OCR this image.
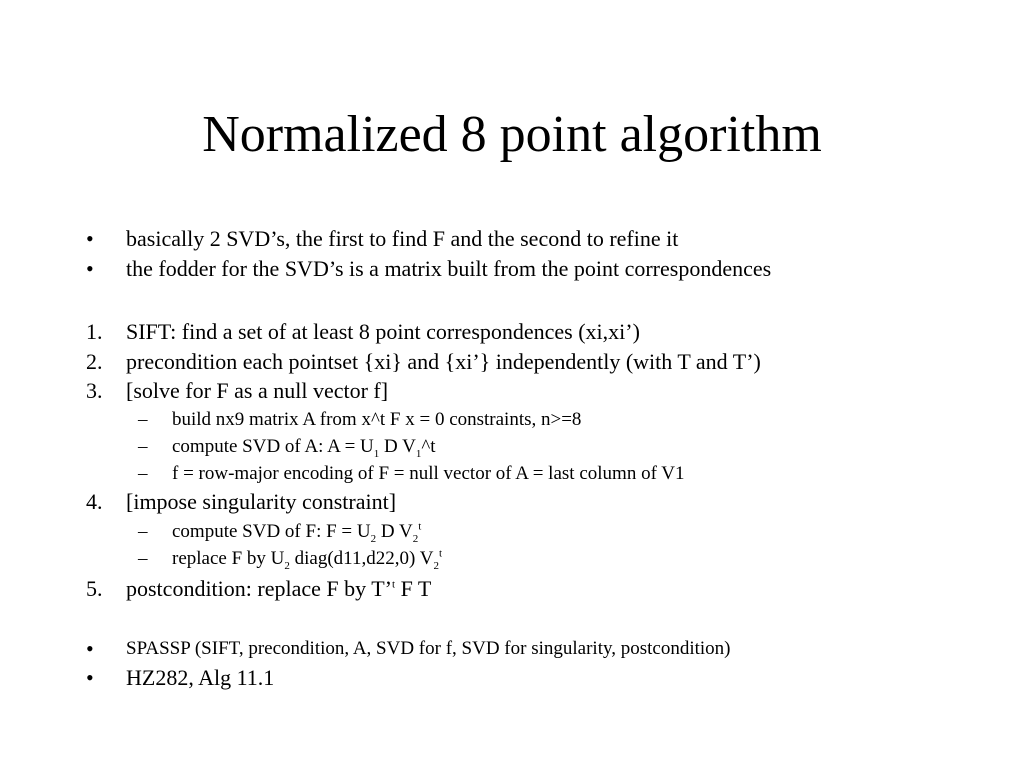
Normalized 8 point algorithm
• basically 2 SVD’s, the first to find F and the second to refine it
• the fodder for the SVD’s is a matrix built from the point correspondences
1. SIFT: find a set of at least 8 point correspondences (xi,xi’)
2. precondition each pointset {xi} and {xi’} independently (with T and T’)
3. [solve for F as a null vector f]
– build nx9 matrix A from x^t F x = 0 constraints, n>=8
– compute SVD of A: $A = U_1$ D $V_1\^{}t$
– f = row-major encoding of F = null vector of A = last column of V1
4. [impose singularity constraint]
– compute SVD of F: $F = U_2$ D $V_2^t$
– replace F by $U_2$ diag(d11,d22,0) $V_2^t$
5. postcondition: replace F by T’$^t$ F T
• SPASSP (SIFT, precondition, A, SVD for f, SVD for singularity, postcondition)
• HZ282, Alg 11.1
